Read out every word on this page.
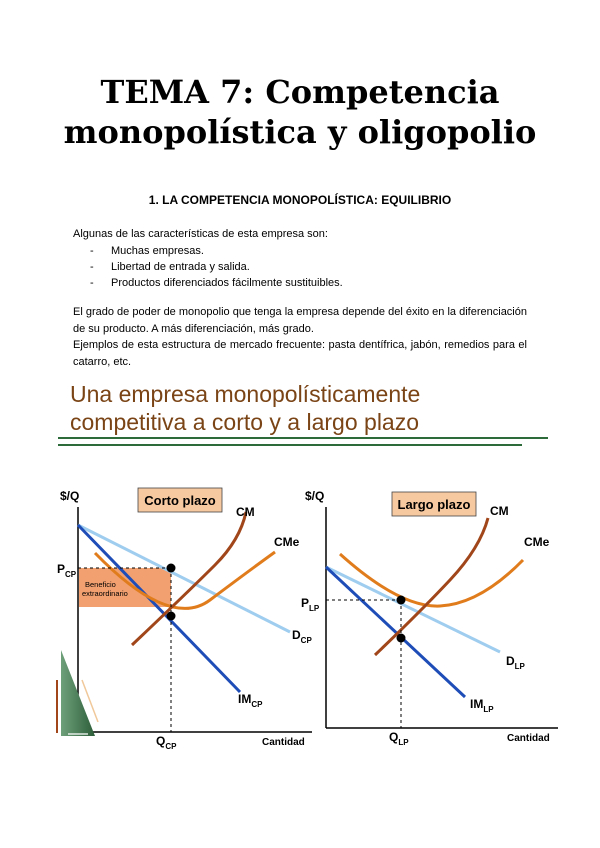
TEMA 7: Competencia
monopolística y oligopolio
1. LA COMPETENCIA MONOPOLÍSTICA: EQUILIBRIO
Algunas de las características de esta empresa son:
- Muchas empresas.
- Libertad de entrada y salida.
- Productos diferenciados fácilmente sustituibles.

El grado de poder de monopolio que tenga la empresa depende del éxito en la diferenciación de su producto. A más diferenciación, más grado.

Ejemplos de esta estructura de mercado frecuente: pasta dentífrica, jabón, remedios para el catarro, etc.

Una empresa monopolísticamente
competitiva a corto y a largo plazo
Corto plazo
$/Q
Cantidad
CM
CMe
$P_{CP}$
$Q_{CP}$
$D_{CP}$
$IM_{CP}$
Beneficio
extraordinario
Largo plazo
$/Q
Cantidad
CM
CMe
$P_{LP}$
$Q_{LP}$
$D_{LP}$
$IM_{LP}$
